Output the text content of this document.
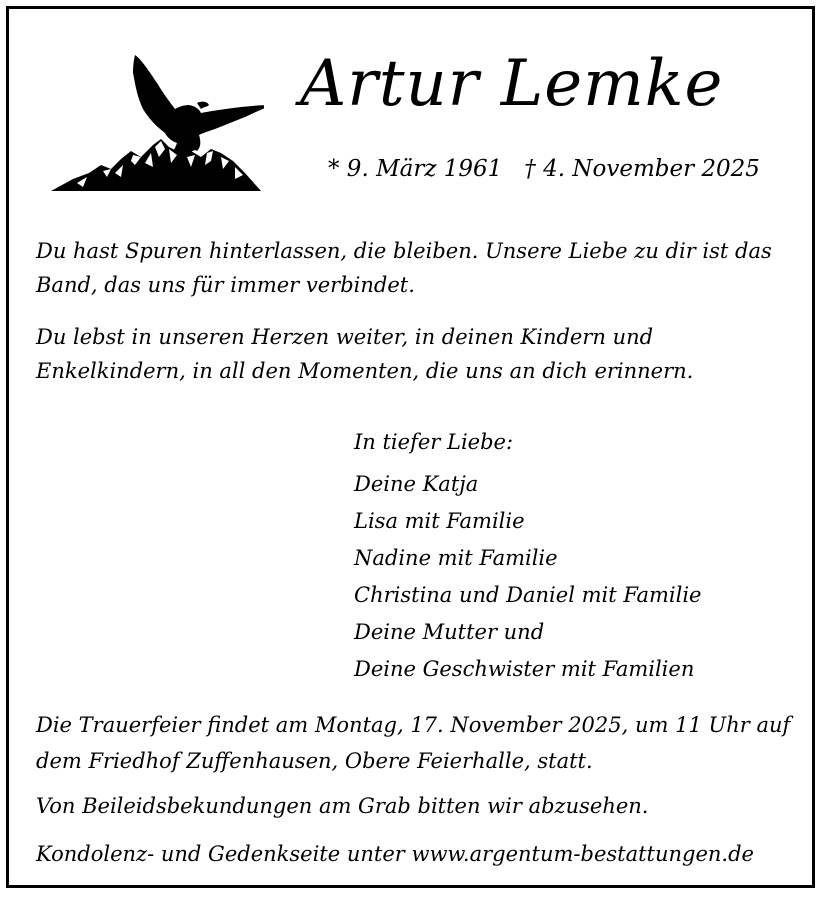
Artur Lemke
* 9. März 1961 † 4. November 2025
Du hast Spuren hinterlassen, die bleiben. Unsere Liebe zu dir ist das Band, das uns für immer verbindet.
Du lebst in unseren Herzen weiter, in deinen Kindern und Enkelkindern, in all den Momenten, die uns an dich erinnern.
In tiefer Liebe:
Deine Katja
Lisa mit Familie
Nadine mit Familie
Christina und Daniel mit Familie
Deine Mutter und
Deine Geschwister mit Familien
Die Trauerfeier findet am Montag, 17. November 2025, um 11 Uhr auf dem Friedhof Zuffenhausen, Obere Feierhalle, statt.
Von Beileidsbekundungen am Grab bitten wir abzusehen.
Kondolenz- und Gedenkseite unter www.argentum-bestattungen.de
